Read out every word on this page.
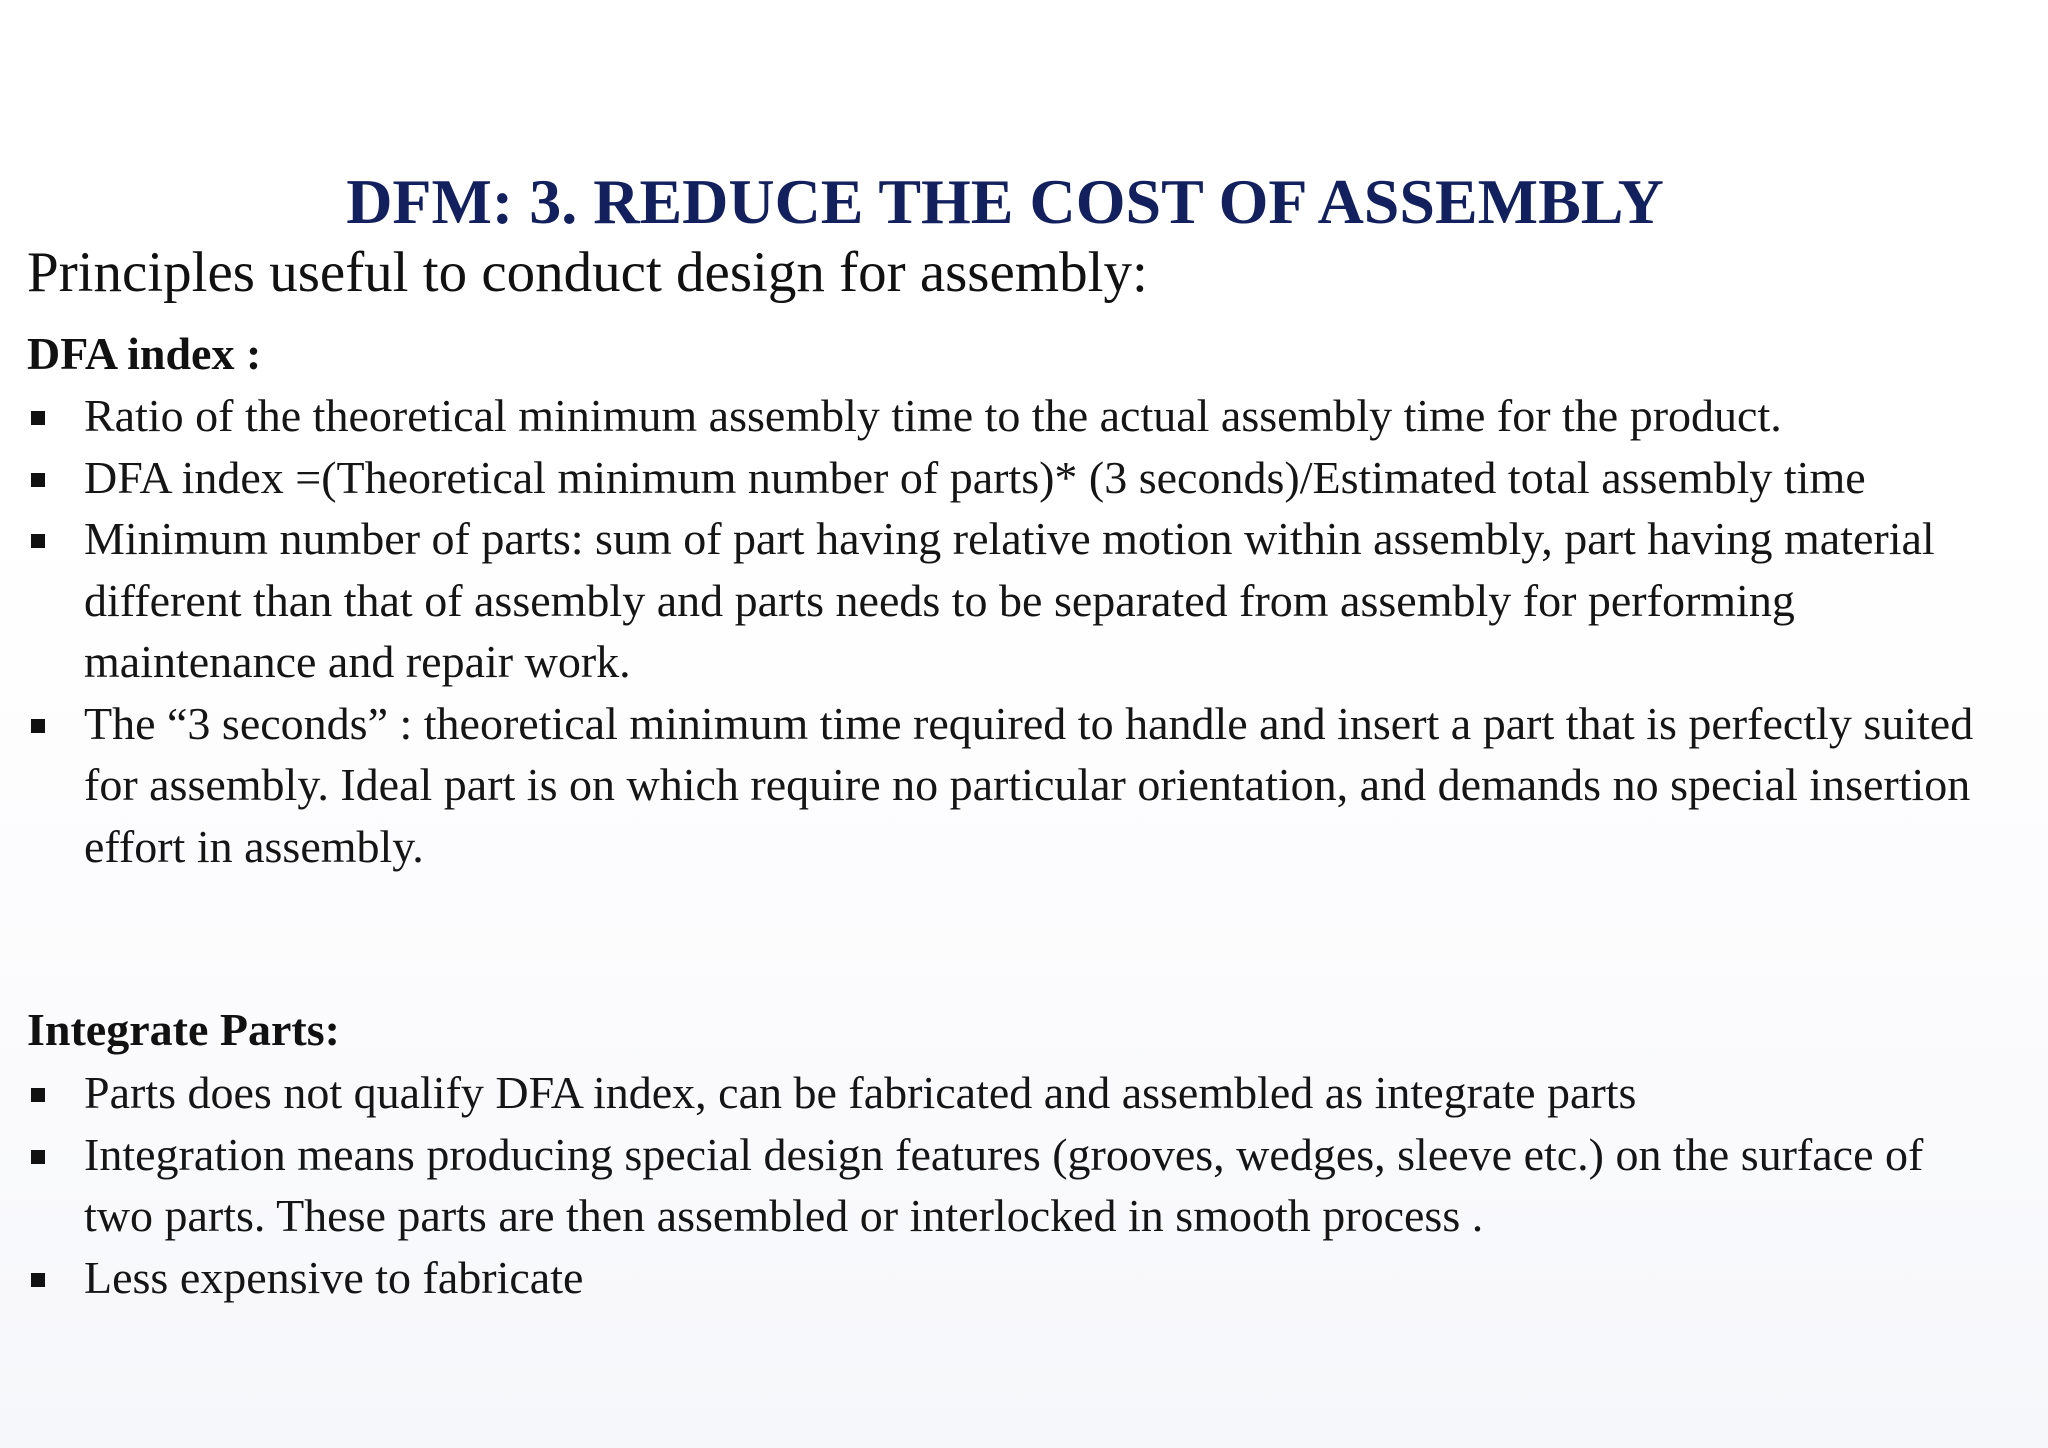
DFM: 3. REDUCE THE COST OF ASSEMBLY

Principles useful to conduct design for assembly:

DFA index :
Ratio of the theoretical minimum assembly time to the actual assembly time for the product.
DFA index =(Theoretical minimum number of parts)* (3 seconds)/Estimated total assembly time
Minimum number of parts: sum of part having relative motion within assembly, part having material different than that of assembly and parts needs to be separated from assembly for performing maintenance and repair work.
The “3 seconds” : theoretical minimum time required to handle and insert a part that is perfectly suited for assembly. Ideal part is on which require no particular orientation, and demands no special insertion effort in assembly.
Integrate Parts:
Parts does not qualify DFA index, can be fabricated and assembled as integrate parts
Integration means producing special design features (grooves, wedges, sleeve etc.) on the surface of two parts. These parts are then assembled or interlocked in smooth process .
Less expensive to fabricate
